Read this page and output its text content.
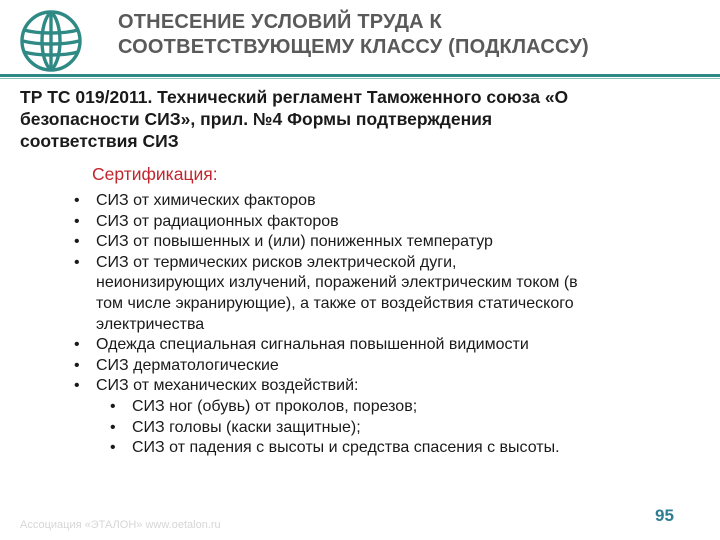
ОТНЕСЕНИЕ УСЛОВИЙ ТРУДА К
СООТВЕТСТВУЮЩЕМУ КЛАССУ (ПОДКЛАССУ)
ТР ТС 019/2011. Технический регламент Таможенного союза «О
безопасности СИЗ», прил. №4 Формы подтверждения
соответствия СИЗ
Сертификация:
• СИЗ от химических факторов
• СИЗ от радиационных факторов
• СИЗ от повышенных и (или) пониженных температур
• СИЗ от термических рисков электрической дуги,
неионизирующих излучений, поражений электрическим током (в
том числе экранирующие), а также от воздействия статического
электричества
• Одежда специальная сигнальная повышенной видимости
• СИЗ дерматологические
• СИЗ от механических воздействий:
• СИЗ ног (обувь) от проколов, порезов;
• СИЗ головы (каски защитные);
• СИЗ от падения с высоты и средства спасения с высоты.
Ассоциация «ЭТАЛОН» www.oetalon.ru	95
